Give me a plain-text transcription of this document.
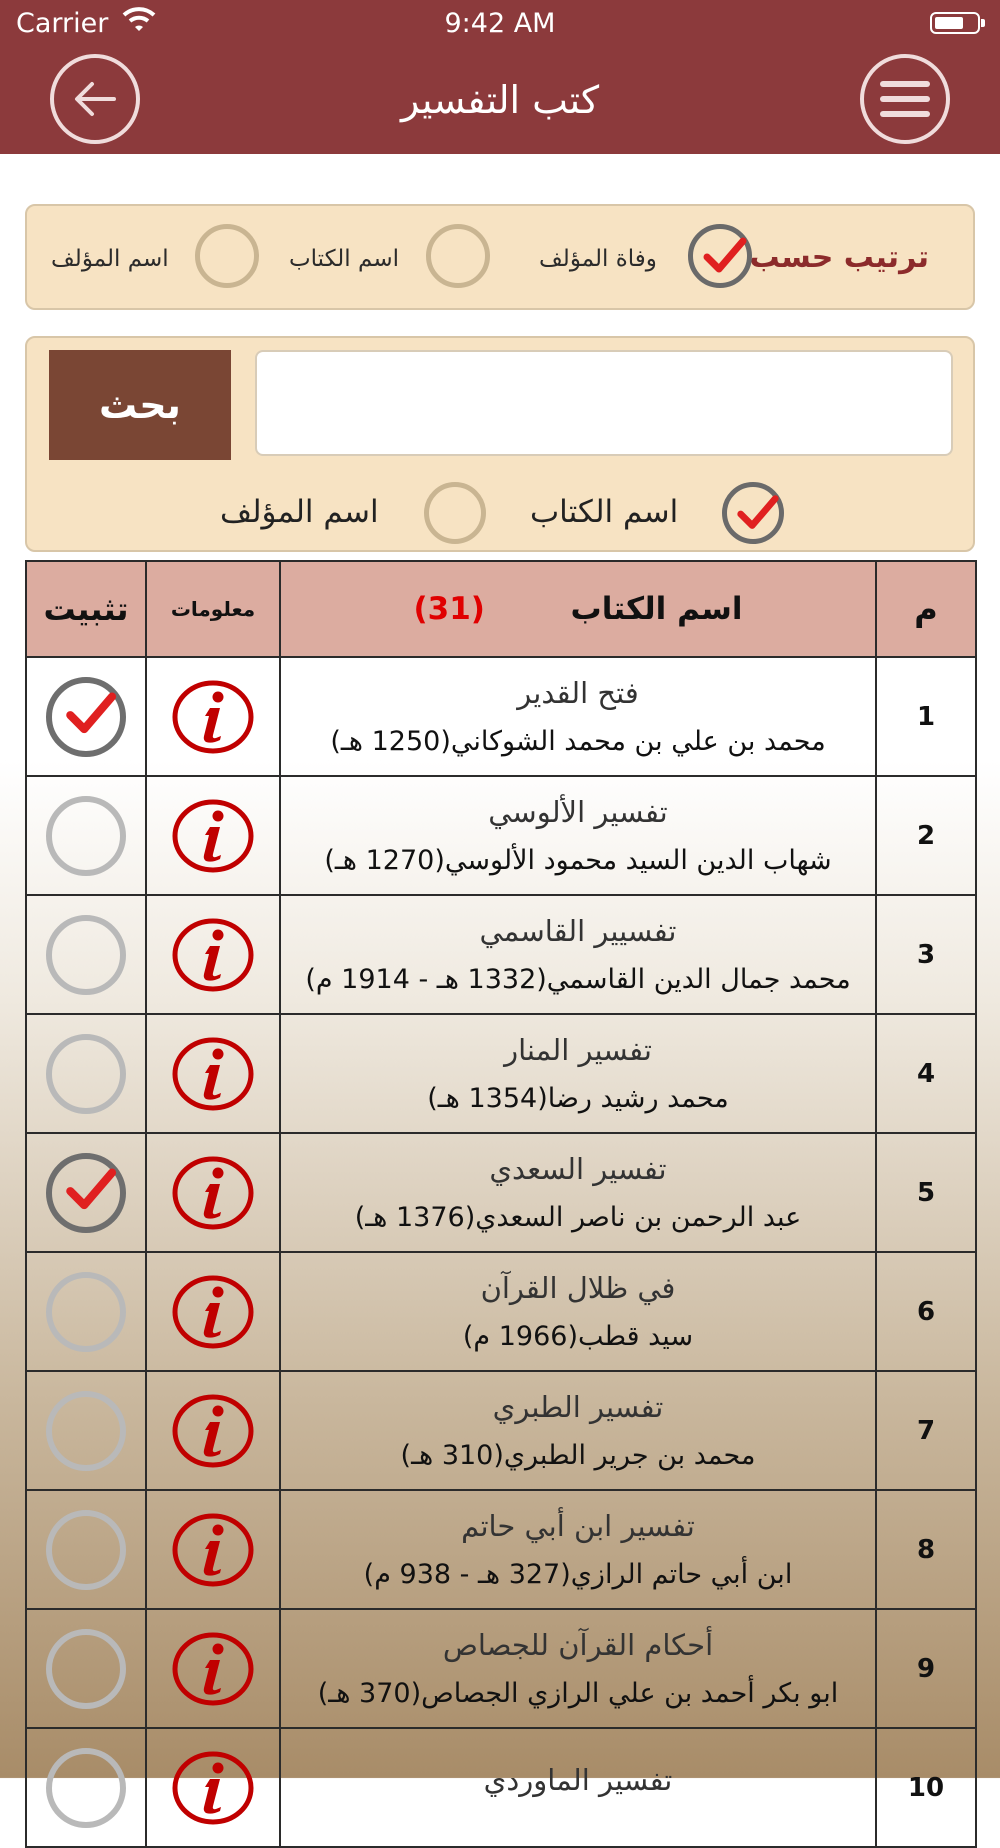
Carrier	9:42 AM
كتب التفسير
ترتيب حسب
وفاة المؤلف
اسم الكتاب
اسم المؤلف
بحث
اسم الكتاب
اسم المؤلف
تثبيت	معلومات	(31) اسم الكتاب	م

فتح القدير
محمد بن علي بن محمد الشوكاني(1250 هـ)	1

تفسير الألوسي
شهاب الدين السيد محمود الألوسي(1270 هـ)	2

تفسيير القاسمي
محمد جمال الدين القاسمي(1332 هـ - 1914 م)	3

تفسير المنار
محمد رشيد رضا(1354 هـ)	4

تفسير السعدي
عبد الرحمن بن ناصر السعدي(1376 هـ)	5

في ظلال القرآن
سيد قطب(1966 م)	6

تفسير الطبري
محمد بن جرير الطبري(310 هـ)	7

تفسير ابن أبي حاتم
ابن أبي حاتم الرازي(327 هـ - 938 م)	8

أحكام القرآن للجصاص
ابو بكر أحمد بن علي الرازي الجصاص(370 هـ)	9

تفسير الماوردي	10
